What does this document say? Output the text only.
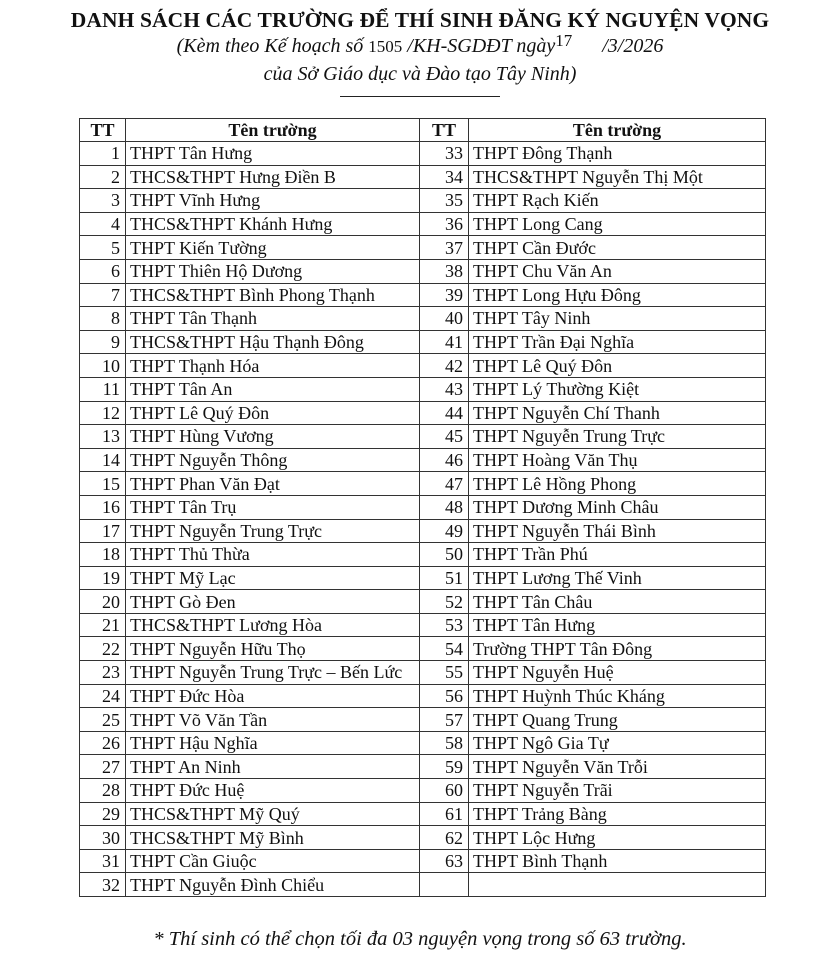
DANH SÁCH CÁC TRƯỜNG ĐỂ THÍ SINH ĐĂNG KÝ NGUYỆN VỌNG
(Kèm theo Kế hoạch số 1505 /KH-SGDĐT ngày$^{17}$ /3/2026
của Sở Giáo dục và Đào tạo Tây Ninh)
TT	Tên trường	TT	Tên trường
1	THPT Tân Hưng	33	THPT Đông Thạnh
2	THCS&THPT Hưng Điền B	34	THCS&THPT Nguyễn Thị Một
3	THPT Vĩnh Hưng	35	THPT Rạch Kiến
4	THCS&THPT Khánh Hưng	36	THPT Long Cang
5	THPT Kiến Tường	37	THPT Cần Đước
6	THPT Thiên Hộ Dương	38	THPT Chu Văn An
7	THCS&THPT Bình Phong Thạnh	39	THPT Long Hựu Đông
8	THPT Tân Thạnh	40	THPT Tây Ninh
9	THCS&THPT Hậu Thạnh Đông	41	THPT Trần Đại Nghĩa
10	THPT Thạnh Hóa	42	THPT Lê Quý Đôn
11	THPT Tân An	43	THPT Lý Thường Kiệt
12	THPT Lê Quý Đôn	44	THPT Nguyễn Chí Thanh
13	THPT Hùng Vương	45	THPT Nguyễn Trung Trực
14	THPT Nguyễn Thông	46	THPT Hoàng Văn Thụ
15	THPT Phan Văn Đạt	47	THPT Lê Hồng Phong
16	THPT Tân Trụ	48	THPT Dương Minh Châu
17	THPT Nguyễn Trung Trực	49	THPT Nguyễn Thái Bình
18	THPT Thủ Thừa	50	THPT Trần Phú
19	THPT Mỹ Lạc	51	THPT Lương Thế Vinh
20	THPT Gò Đen	52	THPT Tân Châu
21	THCS&THPT Lương Hòa	53	THPT Tân Hưng
22	THPT Nguyễn Hữu Thọ	54	Trường THPT Tân Đông
23	THPT Nguyễn Trung Trực – Bến Lức	55	THPT Nguyễn Huệ
24	THPT Đức Hòa	56	THPT Huỳnh Thúc Kháng
25	THPT Võ Văn Tần	57	THPT Quang Trung
26	THPT Hậu Nghĩa	58	THPT Ngô Gia Tự
27	THPT An Ninh	59	THPT Nguyễn Văn Trỗi
28	THPT Đức Huệ	60	THPT Nguyễn Trãi
29	THCS&THPT Mỹ Quý	61	THPT Trảng Bàng
30	THCS&THPT Mỹ Bình	62	THPT Lộc Hưng
31	THPT Cần Giuộc	63	THPT Bình Thạnh
32	THPT Nguyễn Đình Chiểu		
* Thí sinh có thể chọn tối đa 03 nguyện vọng trong số 63 trường.
